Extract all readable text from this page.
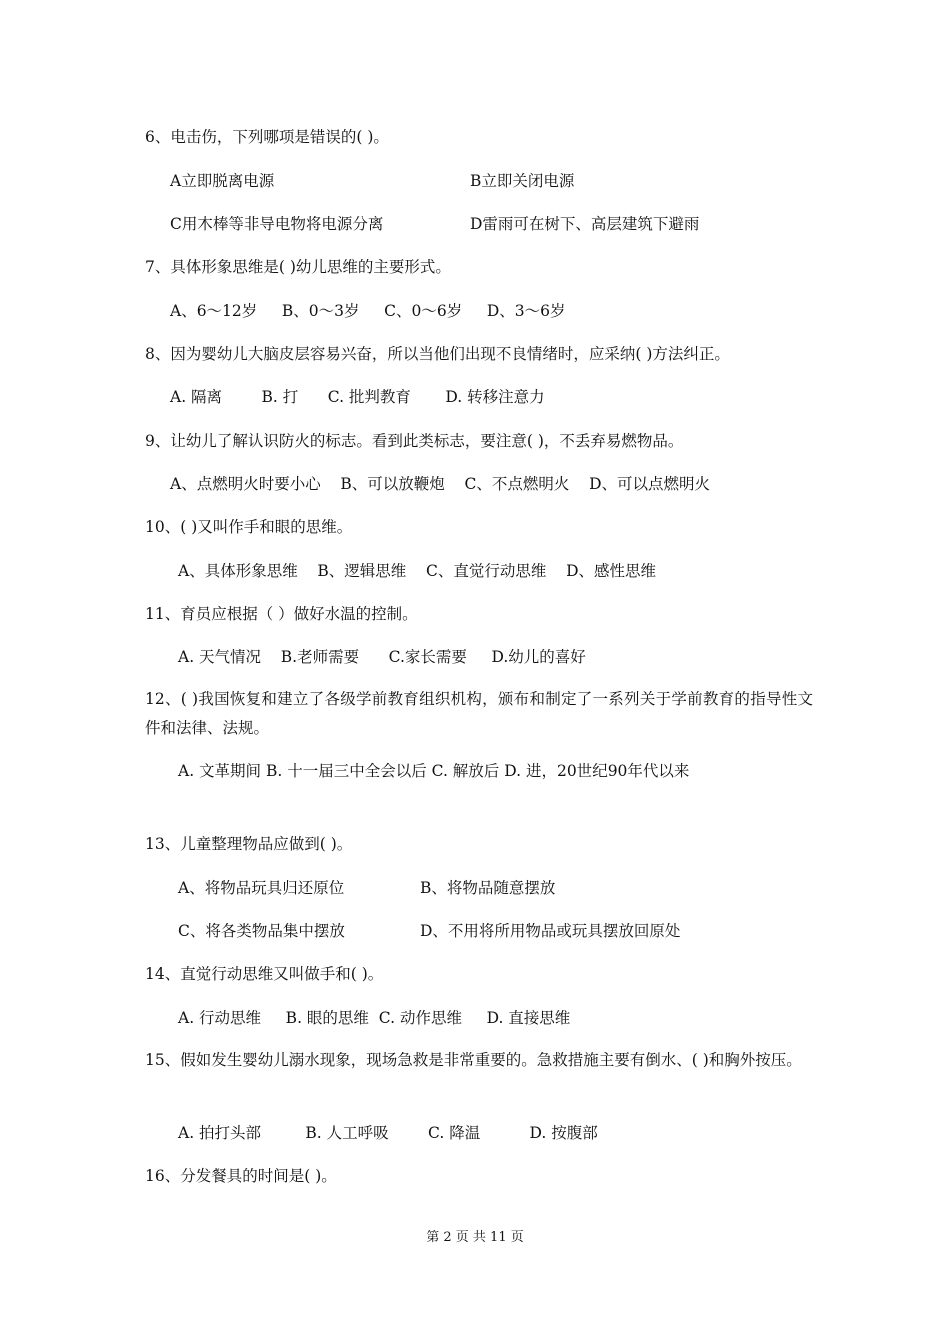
6、电击伤，下列哪项是错误的( )。
A立即脱离电源	B立即关闭电源
C用木棒等非导电物将电源分离	D雷雨可在树下、高层建筑下避雨
7、具体形象思维是( )幼儿思维的主要形式。
A、6～12岁     B、0～3岁     C、0～6岁     D、3～6岁
8、因为婴幼儿大脑皮层容易兴奋，所以当他们出现不良情绪时，应采纳( )方法纠正。
A. 隔离        B. 打      C. 批判教育       D. 转移注意力
9、让幼儿了解认识防火的标志。看到此类标志，要注意( )，不丢弃易燃物品。
A、点燃明火时要小心    B、可以放鞭炮    C、不点燃明火    D、可以点燃明火
10、( )又叫作手和眼的思维。
A、具体形象思维    B、逻辑思维    C、直觉行动思维    D、感性思维
11、育员应根据（ ）做好水温的控制。
A. 天气情况    B.老师需要      C.家长需要     D.幼儿的喜好
12、( )我国恢复和建立了各级学前教育组织机构，颁布和制定了一系列关于学前教育的指导性文件和法律、法规。
A. 文革期间 B. 十一届三中全会以后 C. 解放后 D. 进，20世纪90年代以来
13、儿童整理物品应做到( )。
A、将物品玩具归还原位	B、将物品随意摆放
C、将各类物品集中摆放	D、不用将所用物品或玩具摆放回原处
14、直觉行动思维又叫做手和( )。
A. 行动思维     B. 眼的思维  C. 动作思维     D. 直接思维
15、假如发生婴幼儿溺水现象，现场急救是非常重要的。急救措施主要有倒水、( )和胸外按压。
A. 拍打头部         B. 人工呼吸        C. 降温          D. 按腹部
16、分发餐具的时间是( )。
第 2 页 共 11 页
